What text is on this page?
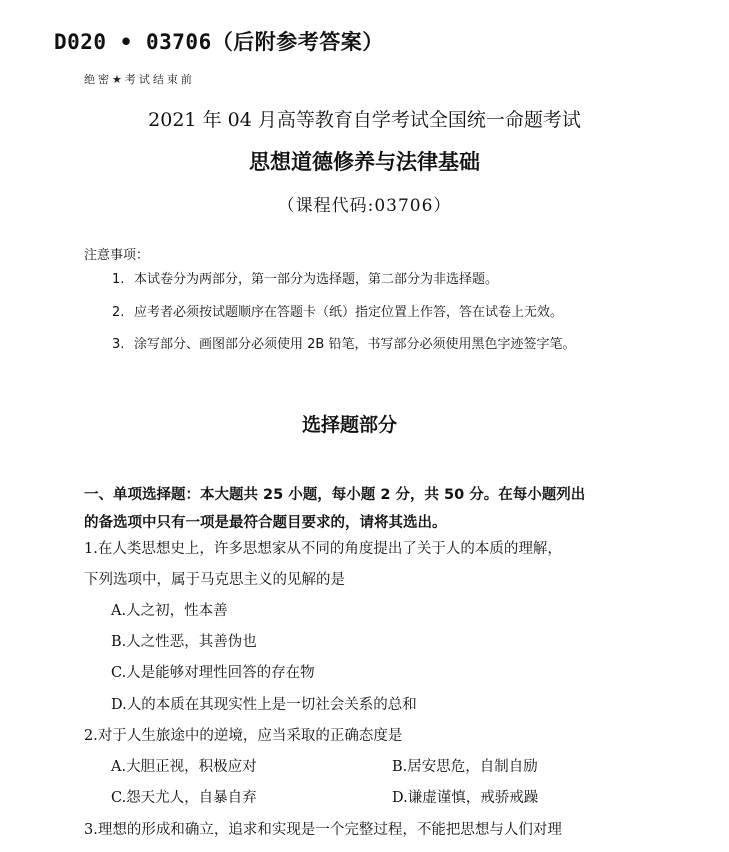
D020 • 03706（后附参考答案）
绝密★考试结束前
2021 年 04 月高等教育自学考试全国统一命题考试
思想道德修养与法律基础
（课程代码:03706）
注意事项：
1. 本试卷分为两部分，第一部分为选择题，第二部分为非选择题。
2. 应考者必须按试题顺序在答题卡（纸）指定位置上作答，答在试卷上无效。
3. 涂写部分、画图部分必须使用 2B 铅笔，书写部分必须使用黑色字迹签字笔。
选择题部分
一、单项选择题：本大题共 25 小题，每小题 2 分，共 50 分。在每小题列出
的备选项中只有一项是最符合题目要求的，请将其选出。
1.在人类思想史上，许多思想家从不同的角度提出了关于人的本质的理解，
下列选项中，属于马克思主义的见解的是
A.人之初，性本善
B.人之性恶，其善伪也
C.人是能够对理性回答的存在物
D.人的本质在其现实性上是一切社会关系的总和
2.对于人生旅途中的逆境，应当采取的正确态度是
A.大胆正视，积极应对	B.居安思危，自制自励
C.怨天尤人，自暴自弃	D.谦虚谨慎，戒骄戒躁
3.理想的形成和确立，追求和实现是一个完整过程，不能把思想与人们对理
